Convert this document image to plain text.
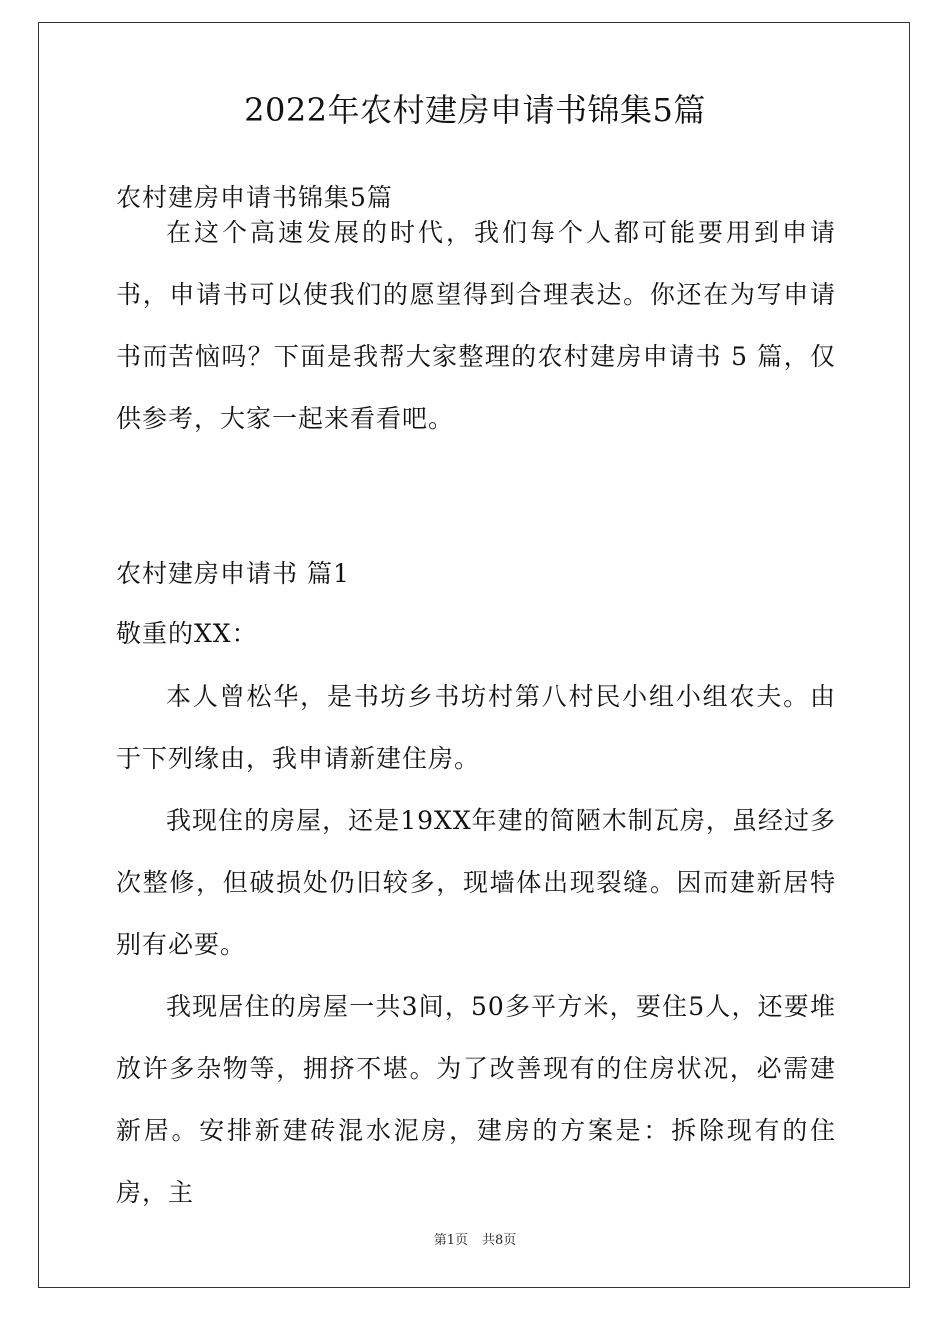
2022年农村建房申请书锦集5篇

农村建房申请书锦集5篇

在这个高速发展的时代，我们每个人都可能要用到申请书，申请书可以使我们的愿望得到合理表达。你还在为写申请书而苦恼吗？下面是我帮大家整理的农村建房申请书 5 篇，仅供参考，大家一起来看看吧。

农村建房申请书 篇1

敬重的XX：

本人曾松华，是书坊乡书坊村第八村民小组小组农夫。由于下列缘由，我申请新建住房。

我现住的房屋，还是19XX年建的简陋木制瓦房，虽经过多次整修，但破损处仍旧较多，现墙体出现裂缝。因而建新居特别有必要。

我现居住的房屋一共3间，50多平方米，要住5人，还要堆放许多杂物等，拥挤不堪。为了改善现有的住房状况，必需建新居。安排新建砖混水泥房，建房的方案是：拆除现有的住房，主

第1页 共8页
